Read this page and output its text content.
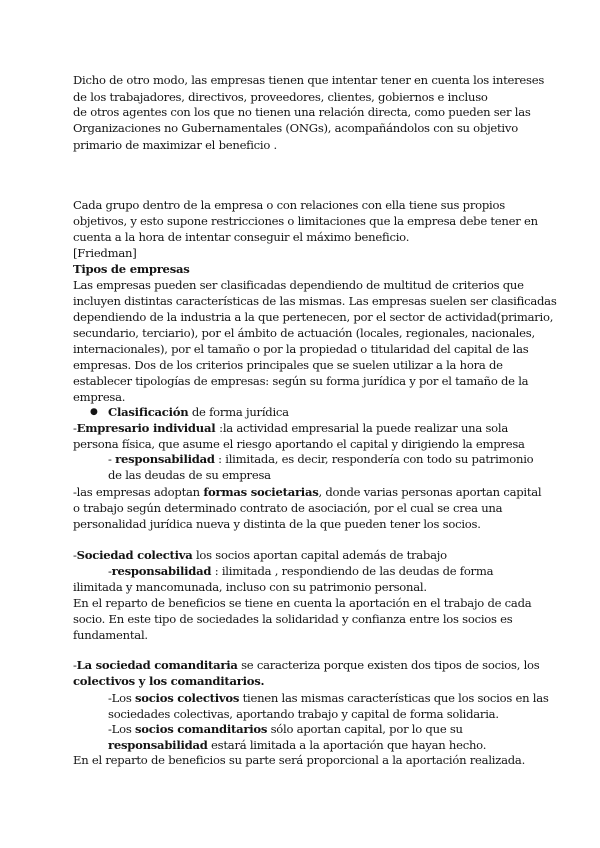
Dicho de otro modo, las empresas tienen que intentar tener en cuenta los intereses
de los trabajadores, directivos, proveedores, clientes, gobiernos e incluso
de otros agentes con los que no tienen una relación directa, como pueden ser las
Organizaciones no Gubernamentales (ONGs), acompañándolos con su objetivo
primario de maximizar el beneficio .
Cada grupo dentro de la empresa o con relaciones con ella tiene sus propios
objetivos, y esto supone restricciones o limitaciones que la empresa debe tener en
cuenta a la hora de intentar conseguir el máximo beneficio.
[Friedman]
Tipos de empresas
Las empresas pueden ser clasificadas dependiendo de multitud de criterios que
incluyen distintas características de las mismas. Las empresas suelen ser clasificadas
dependiendo de la industria a la que pertenecen, por el sector de actividad(primario,
secundario, terciario), por el ámbito de actuación (locales, regionales, nacionales,
internacionales), por el tamaño o por la propiedad o titularidad del capital de las
empresas. Dos de los criterios principales que se suelen utilizar a la hora de
establecer tipologías de empresas: según su forma jurídica y por el tamaño de la
empresa.
● Clasificación de forma jurídica
-Empresario individual :la actividad empresarial la puede realizar una sola
persona física, que asume el riesgo aportando el capital y dirigiendo la empresa
- responsabilidad : ilimitada, es decir, respondería con todo su patrimonio
de las deudas de su empresa
-las empresas adoptan formas societarias, donde varias personas aportan capital
o trabajo según determinado contrato de asociación, por el cual se crea una
personalidad jurídica nueva y distinta de la que pueden tener los socios.
-Sociedad colectiva los socios aportan capital además de trabajo
-responsabilidad : ilimitada , respondiendo de las deudas de forma
ilimitada y mancomunada, incluso con su patrimonio personal.
En el reparto de beneficios se tiene en cuenta la aportación en el trabajo de cada
socio. En este tipo de sociedades la solidaridad y confianza entre los socios es
fundamental.
-La sociedad comanditaria se caracteriza porque existen dos tipos de socios, los
colectivos y los comanditarios.
-Los socios colectivos tienen las mismas características que los socios en las
sociedades colectivas, aportando trabajo y capital de forma solidaria.
-Los socios comanditarios sólo aportan capital, por lo que su
responsabilidad estará limitada a la aportación que hayan hecho.
En el reparto de beneficios su parte será proporcional a la aportación realizada.
